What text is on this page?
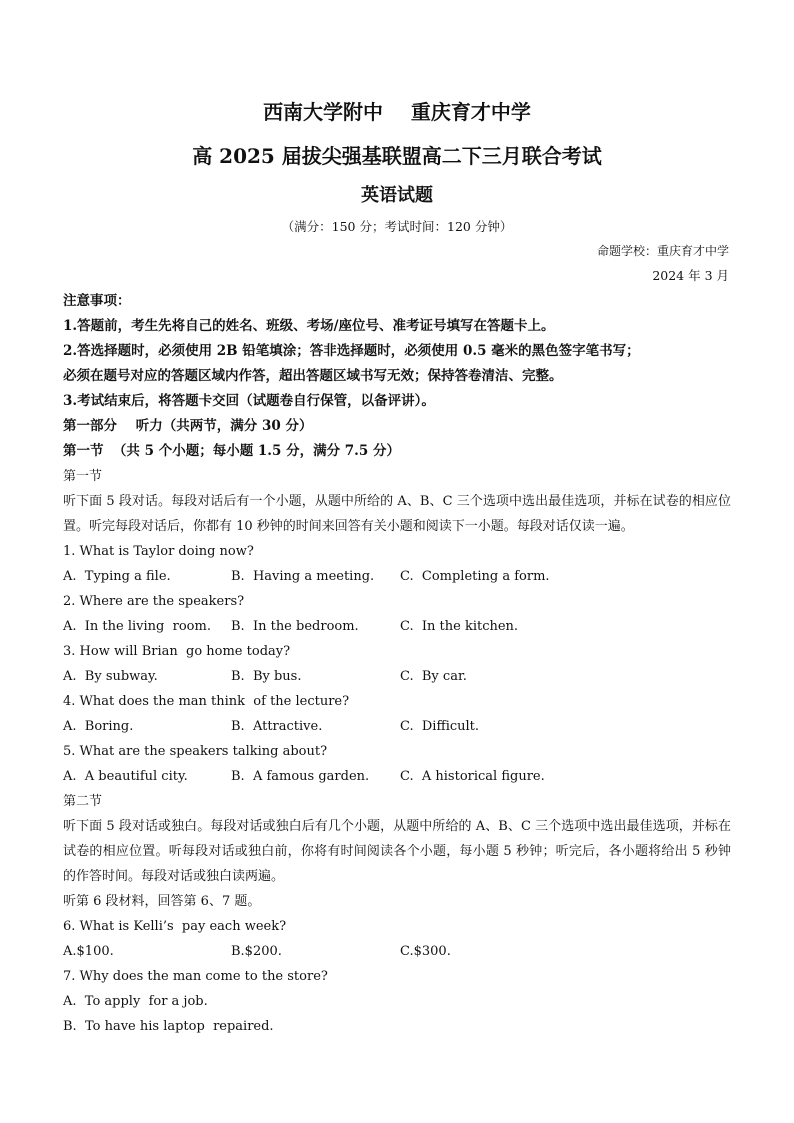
西南大学附中    重庆育才中学
高 2025 届拔尖强基联盟高二下三月联合考试
英语试题
（满分：150 分；考试时间：120 分钟）
命题学校：重庆育才中学
2024 年 3 月
注意事项：
1.答题前，考生先将自己的姓名、班级、考场/座位号、准考证号填写在答题卡上。
2.答选择题时，必须使用 2B 铅笔填涂；答非选择题时，必须使用 0.5 毫米的黑色签字笔书写；
必须在题号对应的答题区域内作答，超出答题区域书写无效；保持答卷清洁、完整。
3.考试结束后，将答题卡交回（试题卷自行保管，以备评讲）。
第一部分    听力（共两节，满分 30 分）
第一节  （共 5 个小题；每小题 1.5 分，满分 7.5 分）
第一节
听下面 5 段对话。每段对话后有一个小题，从题中所给的 A、B、C 三个选项中选出最佳选项，并标在试卷的相应位置。听完每段对话后，你都有 10 秒钟的时间来回答有关小题和阅读下一小题。每段对话仅读一遍。
1. What is Taylor doing now?
A.  Typing a file.	B.  Having a meeting.	C.  Completing a form.
2. Where are the speakers?
A.  In the living  room.	B.  In the bedroom.	C.  In the kitchen.
3. How will Brian  go home today?
A.  By subway.	B.  By bus.	C.  By car.
4. What does the man think  of the lecture?
A.  Boring.	B.  Attractive.	C.  Difficult.
5. What are the speakers talking about?
A.  A beautiful city.	B.  A famous garden.	C.  A historical figure.
第二节
听下面 5 段对话或独白。每段对话或独白后有几个小题，从题中所给的 A、B、C 三个选项中选出最佳选项，并标在试卷的相应位置。听每段对话或独白前，你将有时间阅读各个小题，每小题 5 秒钟；听完后，各小题将给出 5 秒钟的作答时间。每段对话或独白读两遍。
听第 6 段材料，回答第 6、7 题。
6. What is Kelli’s  pay each week?
A.$100.	B.$200.	C.$300.
7. Why does the man come to the store?
A.  To apply  for a job.
B.  To have his laptop  repaired.
